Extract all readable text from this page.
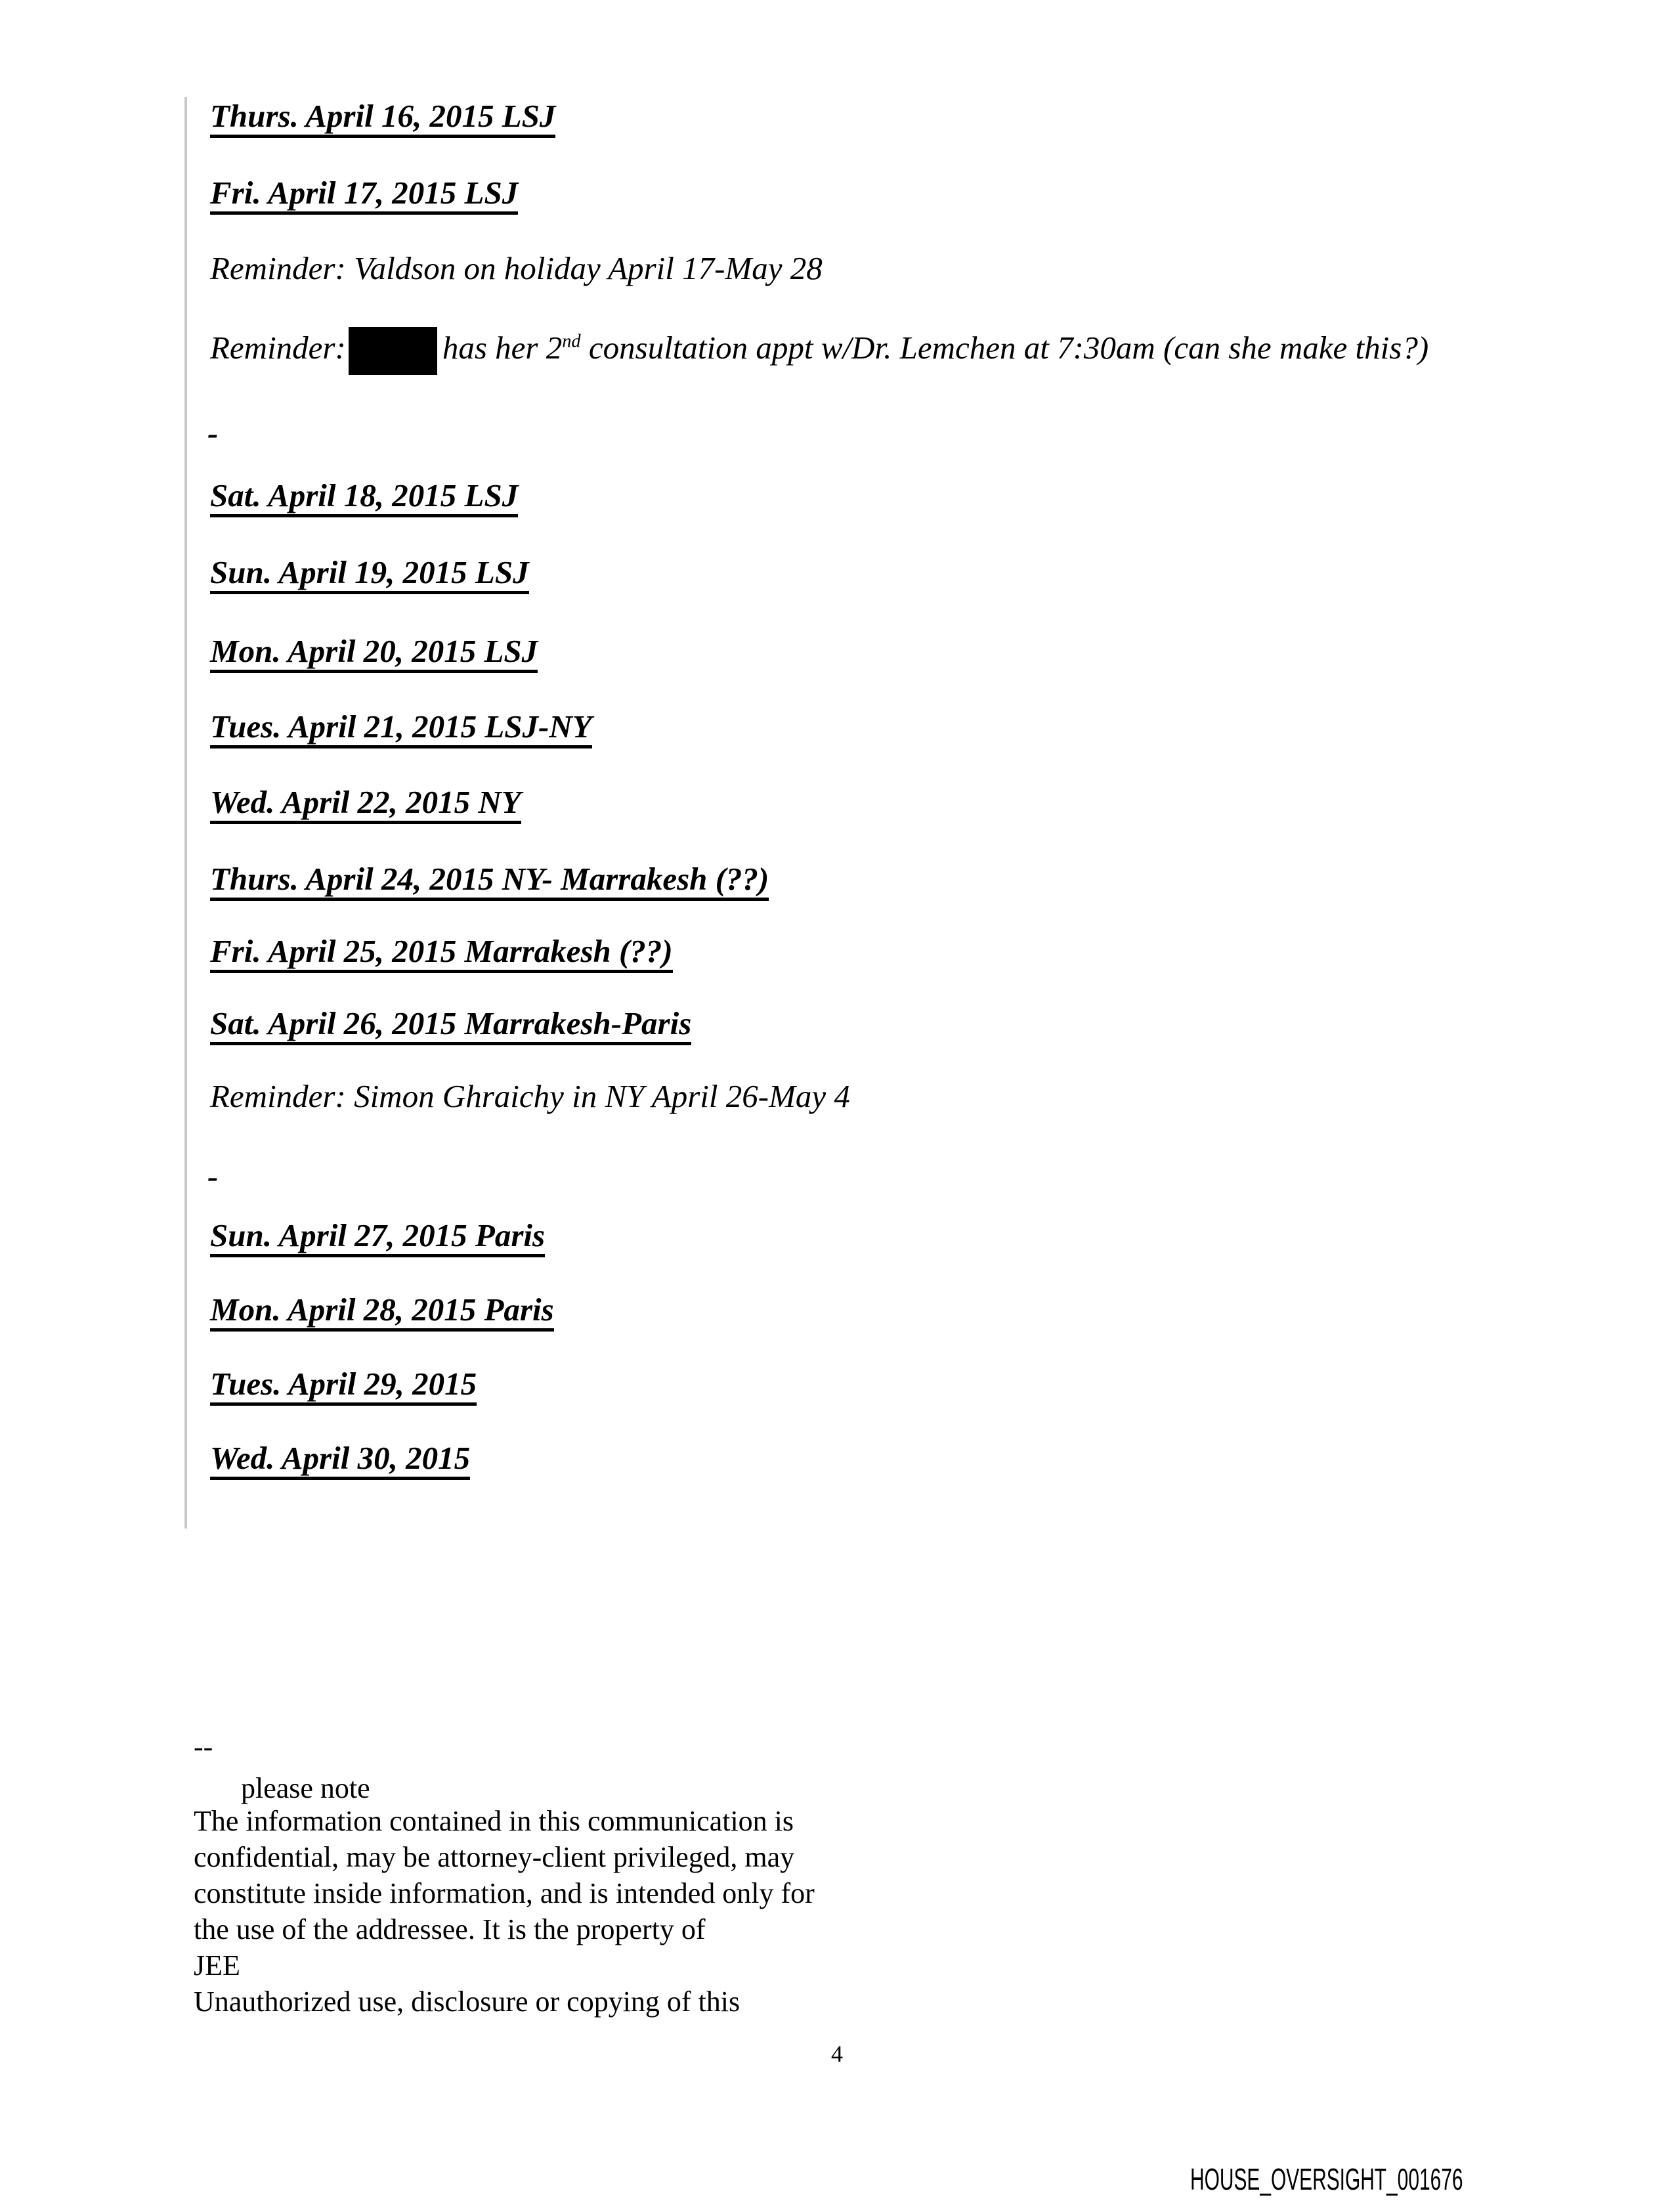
Thurs. April 16, 2015 LSJ
Fri. April 17, 2015 LSJ
Reminder: Valdson on holiday April 17-May 28
Reminder:	has her 2nd consultation appt w/Dr. Lemchen at 7:30am (can she make this?)
-
Sat. April 18, 2015 LSJ
Sun. April 19, 2015 LSJ
Mon. April 20, 2015 LSJ
Tues. April 21, 2015 LSJ-NY
Wed. April 22, 2015 NY
Thurs. April 24, 2015 NY- Marrakesh (??)
Fri. April 25, 2015 Marrakesh (??)
Sat. April 26, 2015 Marrakesh-Paris
Reminder: Simon Ghraichy in NY April 26-May 4
-
Sun. April 27, 2015 Paris
Mon. April 28, 2015 Paris
Tues. April 29, 2015
Wed. April 30, 2015
--
please note
The information contained in this communication is
confidential, may be attorney-client privileged, may
constitute inside information, and is intended only for
the use of the addressee. It is the property of
JEE
Unauthorized use, disclosure or copying of this
4
HOUSE_OVERSIGHT_001676
